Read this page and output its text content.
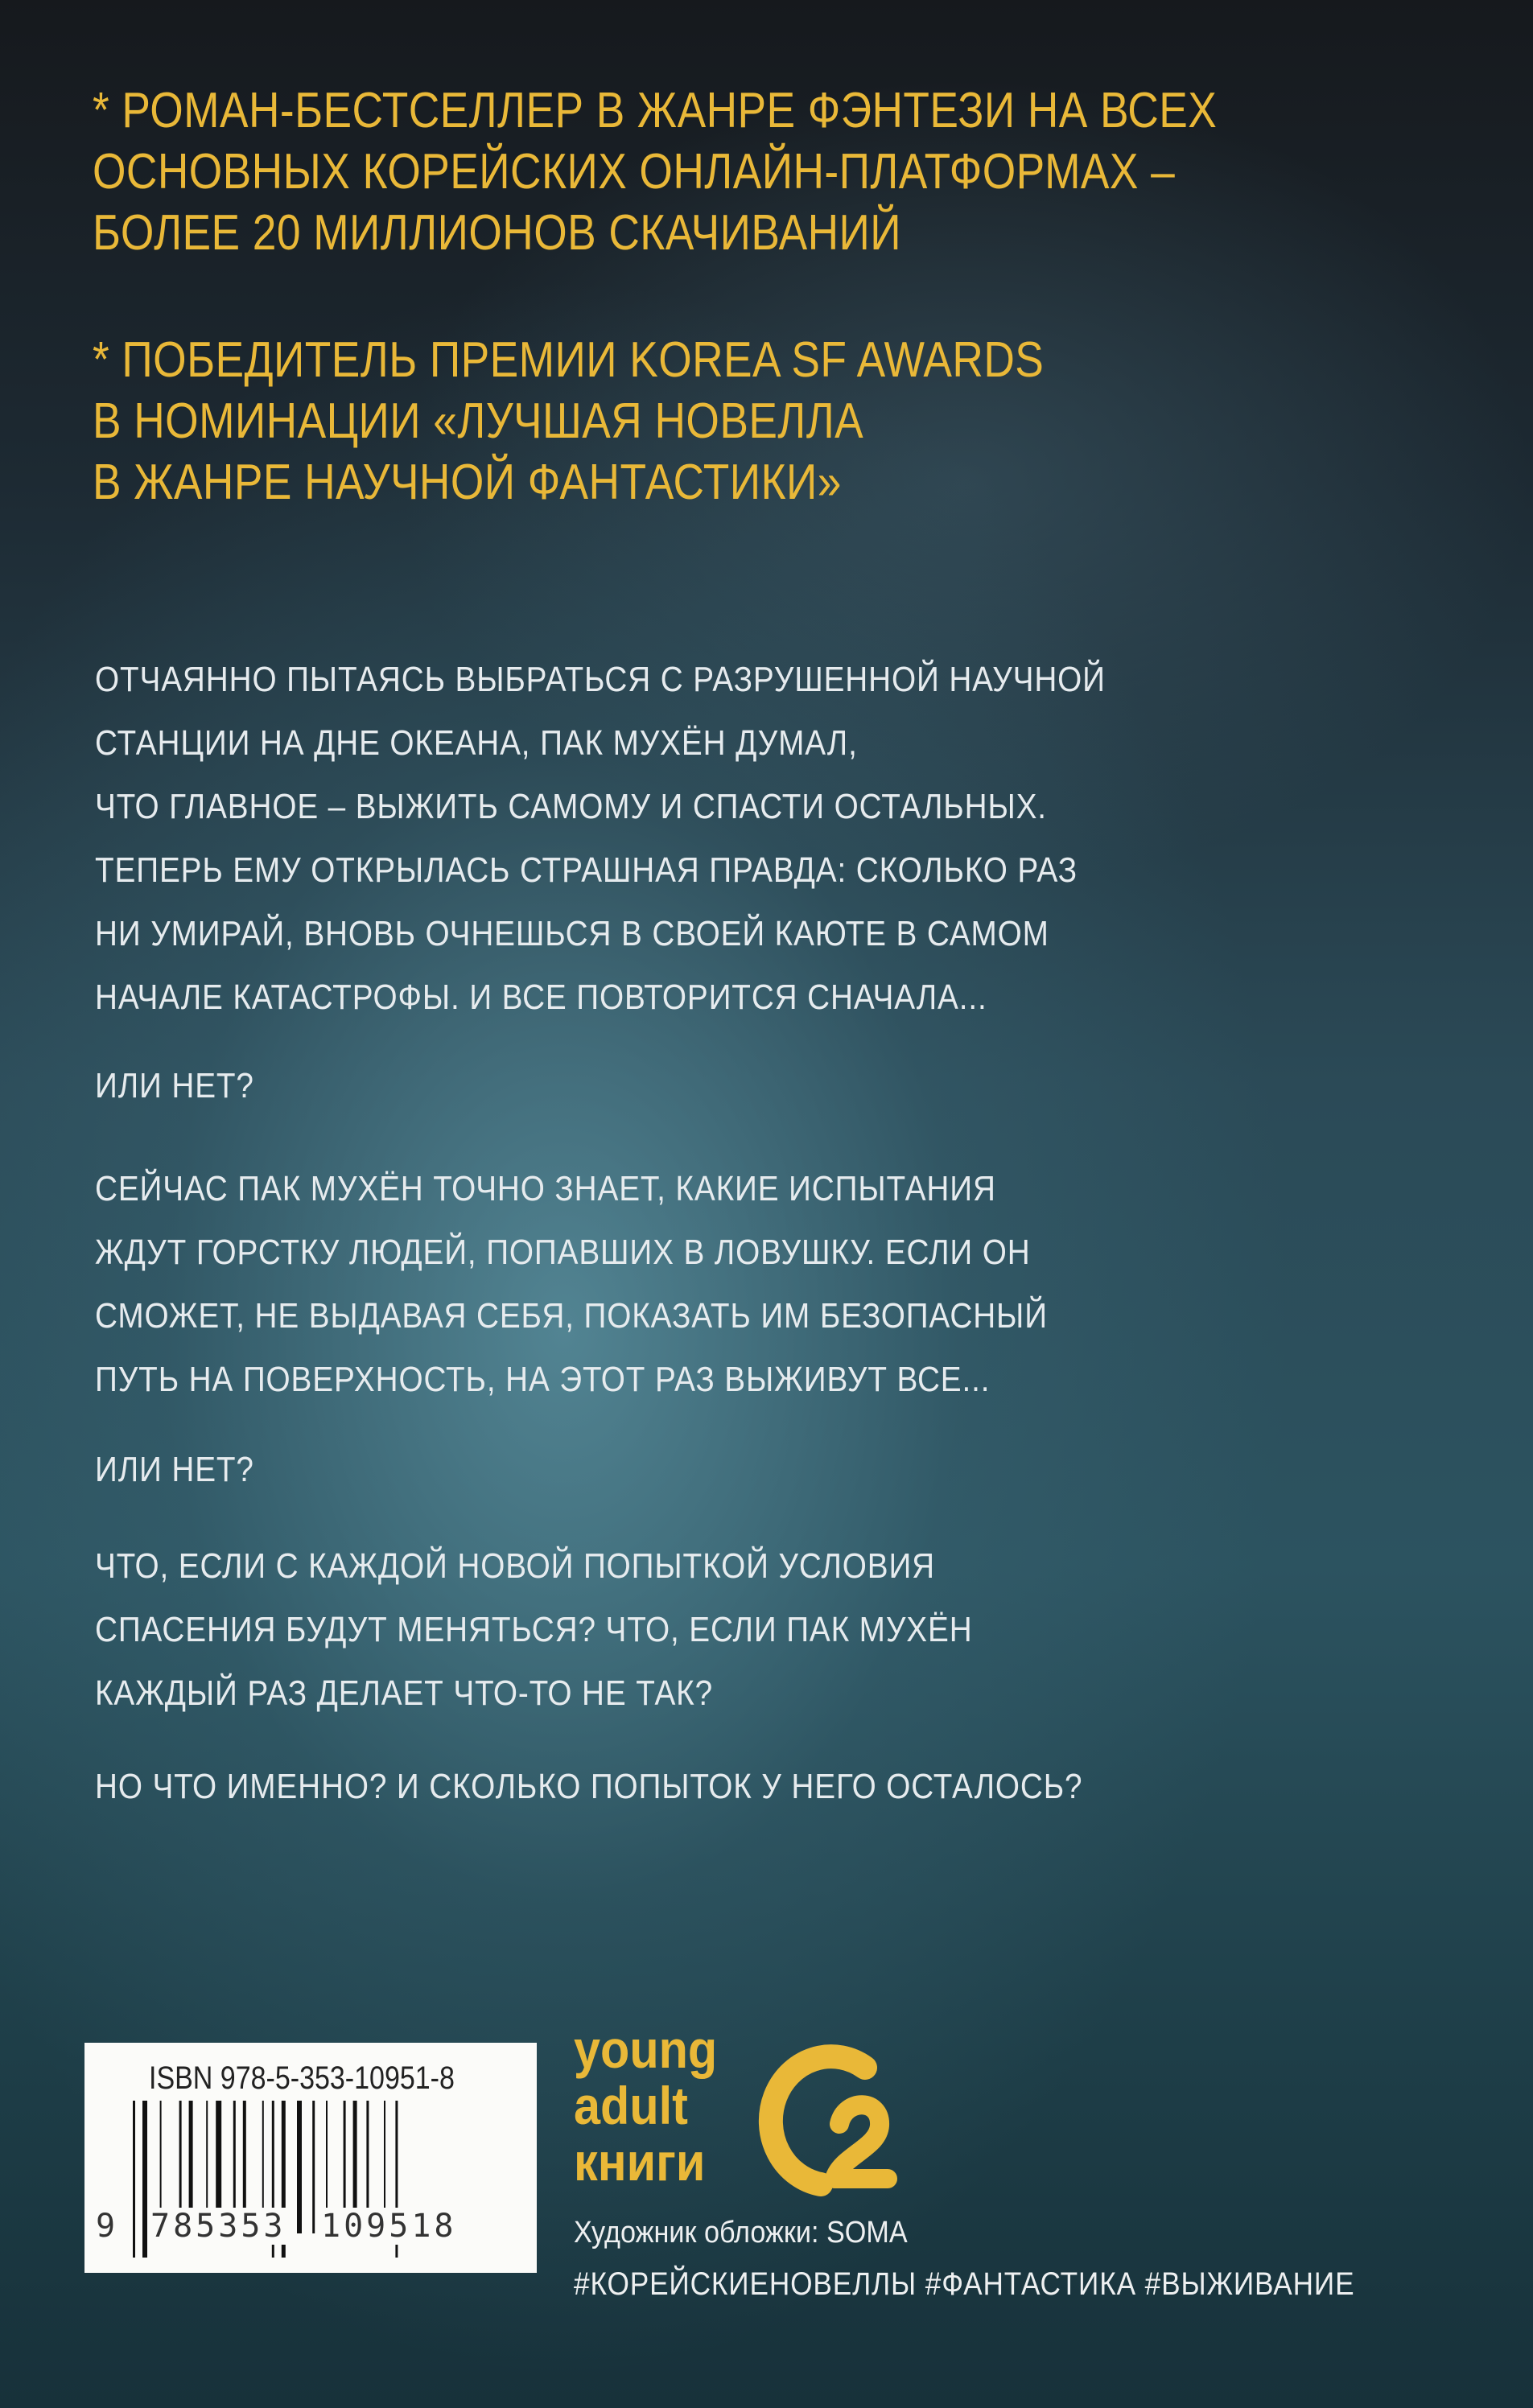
* РОМАН-БЕСТСЕЛЛЕР В ЖАНРЕ ФЭНТЕЗИ НА ВСЕХ
ОСНОВНЫХ КОРЕЙСКИХ ОНЛАЙН-ПЛАТФОРМАХ –
БОЛЕЕ 20 МИЛЛИОНОВ СКАЧИВАНИЙ
* ПОБЕДИТЕЛЬ ПРЕМИИ KOREA SF AWARDS
В НОМИНАЦИИ «ЛУЧШАЯ НОВЕЛЛА
В ЖАНРЕ НАУЧНОЙ ФАНТАСТИКИ»
ОТЧАЯННО ПЫТАЯСЬ ВЫБРАТЬСЯ С РАЗРУШЕННОЙ НАУЧНОЙ
СТАНЦИИ НА ДНЕ ОКЕАНА, ПАК МУХЁН ДУМАЛ,
ЧТО ГЛАВНОЕ – ВЫЖИТЬ САМОМУ И СПАСТИ ОСТАЛЬНЫХ.
ТЕПЕРЬ ЕМУ ОТКРЫЛАСЬ СТРАШНАЯ ПРАВДА: СКОЛЬКО РАЗ
НИ УМИРАЙ, ВНОВЬ ОЧНЕШЬСЯ В СВОЕЙ КАЮТЕ В САМОМ
НАЧАЛЕ КАТАСТРОФЫ. И ВСЕ ПОВТОРИТСЯ СНАЧАЛА...
ИЛИ НЕТ?
СЕЙЧАС ПАК МУХЁН ТОЧНО ЗНАЕТ, КАКИЕ ИСПЫТАНИЯ
ЖДУТ ГОРСТКУ ЛЮДЕЙ, ПОПАВШИХ В ЛОВУШКУ. ЕСЛИ ОН
СМОЖЕТ, НЕ ВЫДАВАЯ СЕБЯ, ПОКАЗАТЬ ИМ БЕЗОПАСНЫЙ
ПУТЬ НА ПОВЕРХНОСТЬ, НА ЭТОТ РАЗ ВЫЖИВУТ ВСЕ...
ИЛИ НЕТ?
ЧТО, ЕСЛИ С КАЖДОЙ НОВОЙ ПОПЫТКОЙ УСЛОВИЯ
СПАСЕНИЯ БУДУТ МЕНЯТЬСЯ? ЧТО, ЕСЛИ ПАК МУХЁН
КАЖДЫЙ РАЗ ДЕЛАЕТ ЧТО-ТО НЕ ТАК?
НО ЧТО ИМЕННО? И СКОЛЬКО ПОПЫТОК У НЕГО ОСТАЛОСЬ?
ISBN 978-5-353-10951-8
9 785353 109518
young
adult
книги
Художник обложки: SOMA
#КОРЕЙСКИЕНОВЕЛЛЫ #ФАНТАСТИКА #ВЫЖИВАНИЕ
